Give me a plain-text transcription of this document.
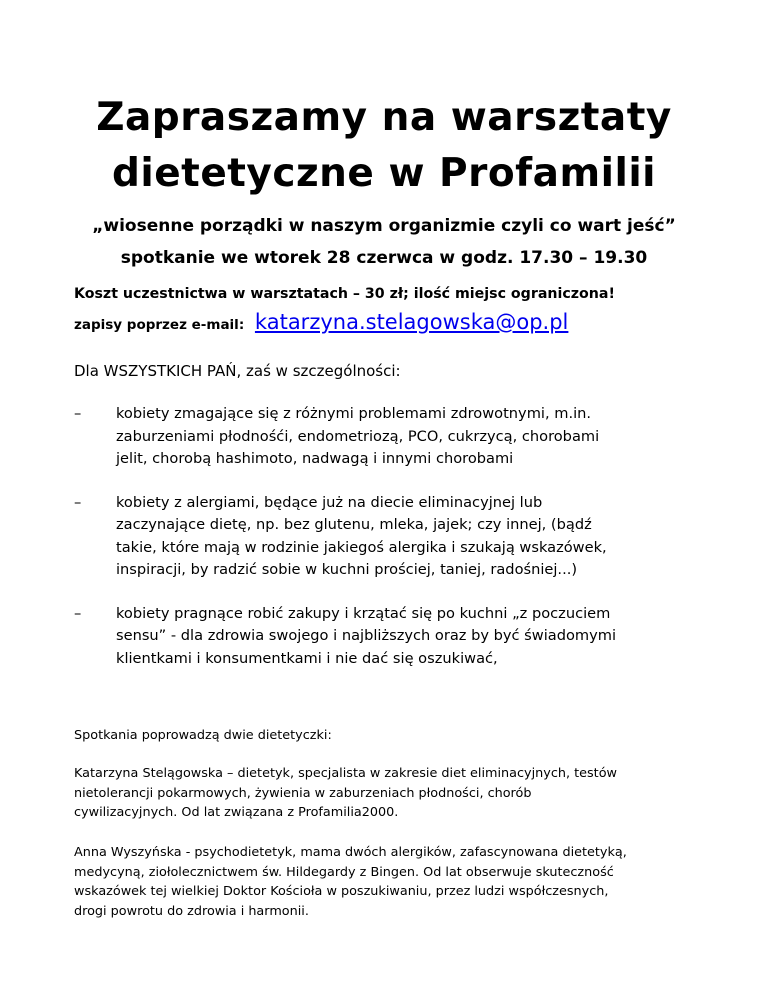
Zapraszamy na warsztaty
dietetyczne w Profamilii
„wiosenne porządki w naszym organizmie czyli co wart jeść”
spotkanie we wtorek 28 czerwca w godz. 17.30 – 19.30
Koszt uczestnictwa w warsztatach – 30 zł; ilość miejsc ograniczona!
zapisy poprzez e-mail: katarzyna.stelagowska@op.pl
Dla WSZYSTKICH PAŃ, zaś w szczególności:
– kobiety zmagające się z różnymi problemami zdrowotnymi, m.in.
zaburzeniami płodnośći, endometriozą, PCO, cukrzycą, chorobami
jelit, chorobą hashimoto, nadwagą i innymi chorobami
– kobiety z alergiami, będące już na diecie eliminacyjnej lub
zaczynające dietę, np. bez glutenu, mleka, jajek; czy innej, (bądź
takie, które mają w rodzinie jakiegoś alergika i szukają wskazówek,
inspiracji, by radzić sobie w kuchni prościej, taniej, radośniej...)
– kobiety pragnące robić zakupy i krzątać się po kuchni „z poczuciem
sensu” - dla zdrowia swojego i najbliższych oraz by być świadomymi
klientkami i konsumentkami i nie dać się oszukiwać,
Spotkania poprowadzą dwie dietetyczki:
Katarzyna Stelągowska – dietetyk, specjalista w zakresie diet eliminacyjnych, testów
nietolerancji pokarmowych, żywienia w zaburzeniach płodności, chorób
cywilizacyjnych. Od lat związana z Profamilia2000.
Anna Wyszyńska - psychodietetyk, mama dwóch alergików, zafascynowana dietetyką,
medycyną, ziołolecznictwem św. Hildegardy z Bingen. Od lat obserwuje skuteczność
wskazówek tej wielkiej Doktor Kościoła w poszukiwaniu, przez ludzi współczesnych,
drogi powrotu do zdrowia i harmonii.
